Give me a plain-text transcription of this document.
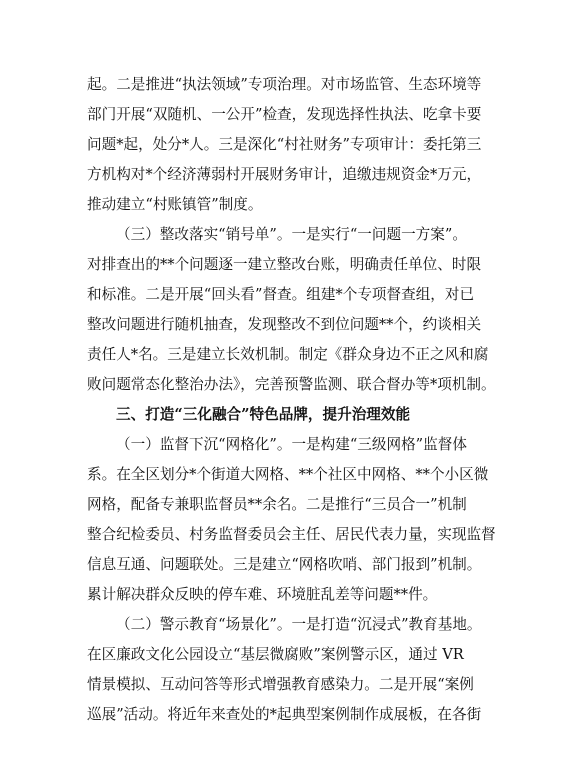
起。二是推进“执法领域”专项治理。对市场监管、生态环境等
部门开展“双随机、一公开”检查，发现选择性执法、吃拿卡要
问题*起，处分*人。三是深化“村社财务”专项审计：委托第三
方机构对*个经济薄弱村开展财务审计，追缴违规资金*万元，
推动建立“村账镇管”制度。
（三）整改落实“销号单”。一是实行“一问题一方案”。
对排查出的**个问题逐一建立整改台账，明确责任单位、时限
和标准。二是开展“回头看”督查。组建*个专项督查组，对已
整改问题进行随机抽查，发现整改不到位问题**个，约谈相关
责任人*名。三是建立长效机制。制定《群众身边不正之风和腐
败问题常态化整治办法》，完善预警监测、联合督办等*项机制。
三、打造“三化融合”特色品牌，提升治理效能
（一）监督下沉“网格化”。一是构建“三级网格”监督体
系。在全区划分*个街道大网格、**个社区中网格、**个小区微
网格，配备专兼职监督员**余名。二是推行“三员合一”机制
整合纪检委员、村务监督委员会主任、居民代表力量，实现监督
信息互通、问题联处。三是建立“网格吹哨、部门报到”机制。
累计解决群众反映的停车难、环境脏乱差等问题**件。
（二）警示教育“场景化”。一是打造“沉浸式”教育基地。
在区廉政文化公园设立“基层微腐败”案例警示区，通过 VR
情景模拟、互动问答等形式增强教育感染力。二是开展“案例
巡展”活动。将近年来查处的*起典型案例制作成展板，在各街
